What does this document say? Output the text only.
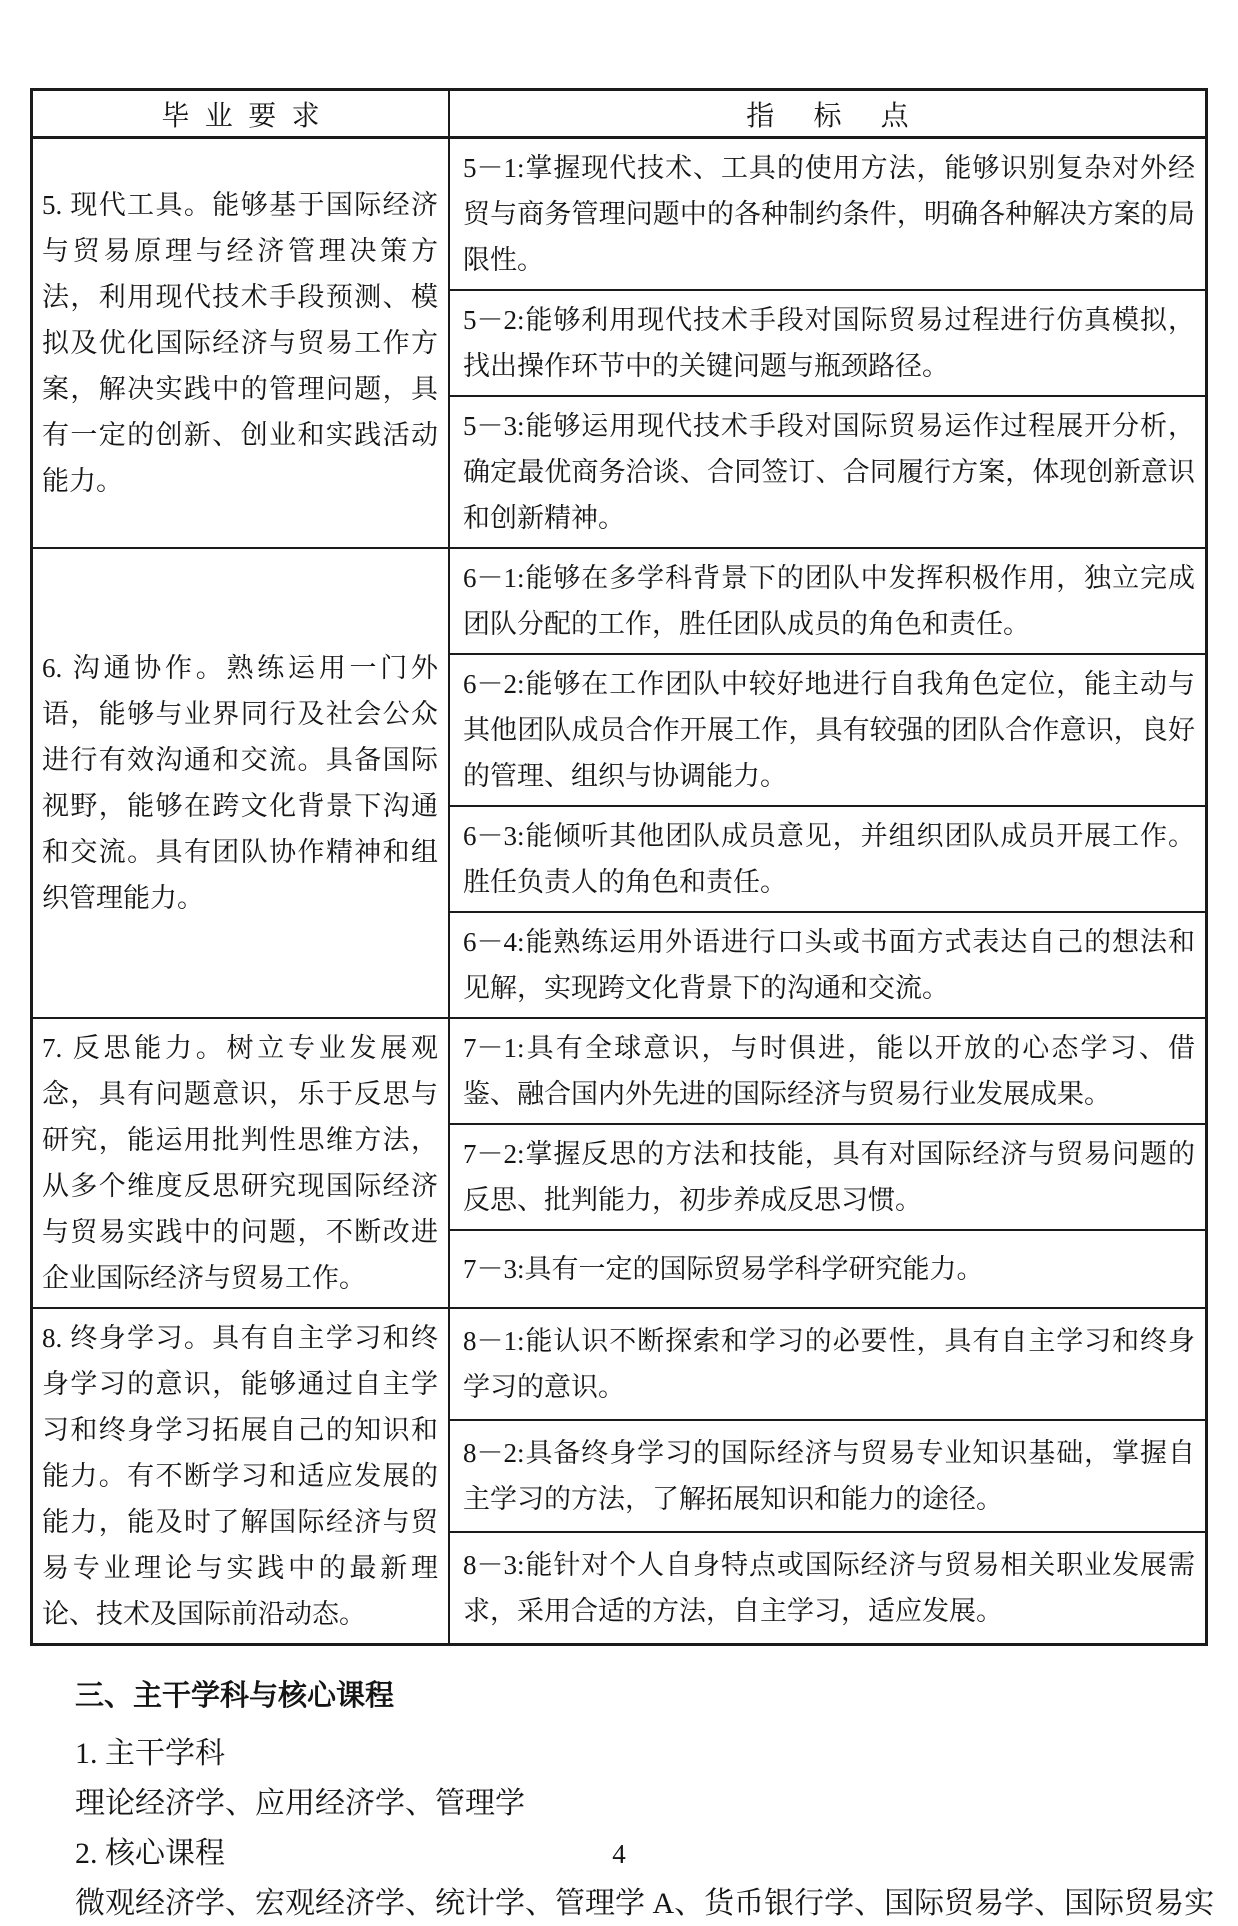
毕业要求	指标点
5. 现代工具。能够基于国际经济与贸易原理与经济管理决策方法，利用现代技术手段预测、模拟及优化国际经济与贸易工作方案，解决实践中的管理问题，具有一定的创新、创业和实践活动能力。	5－1:掌握现代技术、工具的使用方法，能够识别复杂对外经贸与商务管理问题中的各种制约条件，明确各种解决方案的局限性。
	5－2:能够利用现代技术手段对国际贸易过程进行仿真模拟，找出操作环节中的关键问题与瓶颈路径。
	5－3:能够运用现代技术手段对国际贸易运作过程展开分析，确定最优商务洽谈、合同签订、合同履行方案，体现创新意识和创新精神。
6. 沟通协作。熟练运用一门外语，能够与业界同行及社会公众进行有效沟通和交流。具备国际视野，能够在跨文化背景下沟通和交流。具有团队协作精神和组织管理能力。	6－1:能够在多学科背景下的团队中发挥积极作用，独立完成团队分配的工作，胜任团队成员的角色和责任。
	6－2:能够在工作团队中较好地进行自我角色定位，能主动与其他团队成员合作开展工作，具有较强的团队合作意识，良好的管理、组织与协调能力。
	6－3:能倾听其他团队成员意见，并组织团队成员开展工作。胜任负责人的角色和责任。
	6－4:能熟练运用外语进行口头或书面方式表达自己的想法和见解，实现跨文化背景下的沟通和交流。
7. 反思能力。树立专业发展观念，具有问题意识，乐于反思与研究，能运用批判性思维方法，从多个维度反思研究现国际经济与贸易实践中的问题，不断改进企业国际经济与贸易工作。	7－1:具有全球意识，与时俱进，能以开放的心态学习、借鉴、融合国内外先进的国际经济与贸易行业发展成果。
	7－2:掌握反思的方法和技能，具有对国际经济与贸易问题的反思、批判能力，初步养成反思习惯。
	7－3:具有一定的国际贸易学科学研究能力。
8. 终身学习。具有自主学习和终身学习的意识，能够通过自主学习和终身学习拓展自己的知识和能力。有不断学习和适应发展的能力，能及时了解国际经济与贸易专业理论与实践中的最新理论、技术及国际前沿动态。	8－1:能认识不断探索和学习的必要性，具有自主学习和终身学习的意识。
	8－2:具备终身学习的国际经济与贸易专业知识基础，掌握自主学习的方法，了解拓展知识和能力的途径。
	8－3:能针对个人自身特点或国际经济与贸易相关职业发展需求，采用合适的方法，自主学习，适应发展。
三、主干学科与核心课程

1. 主干学科

理论经济学、应用经济学、管理学

2. 核心课程

微观经济学、宏观经济学、统计学、管理学 A、货币银行学、国际贸易学、国际贸易实

4
